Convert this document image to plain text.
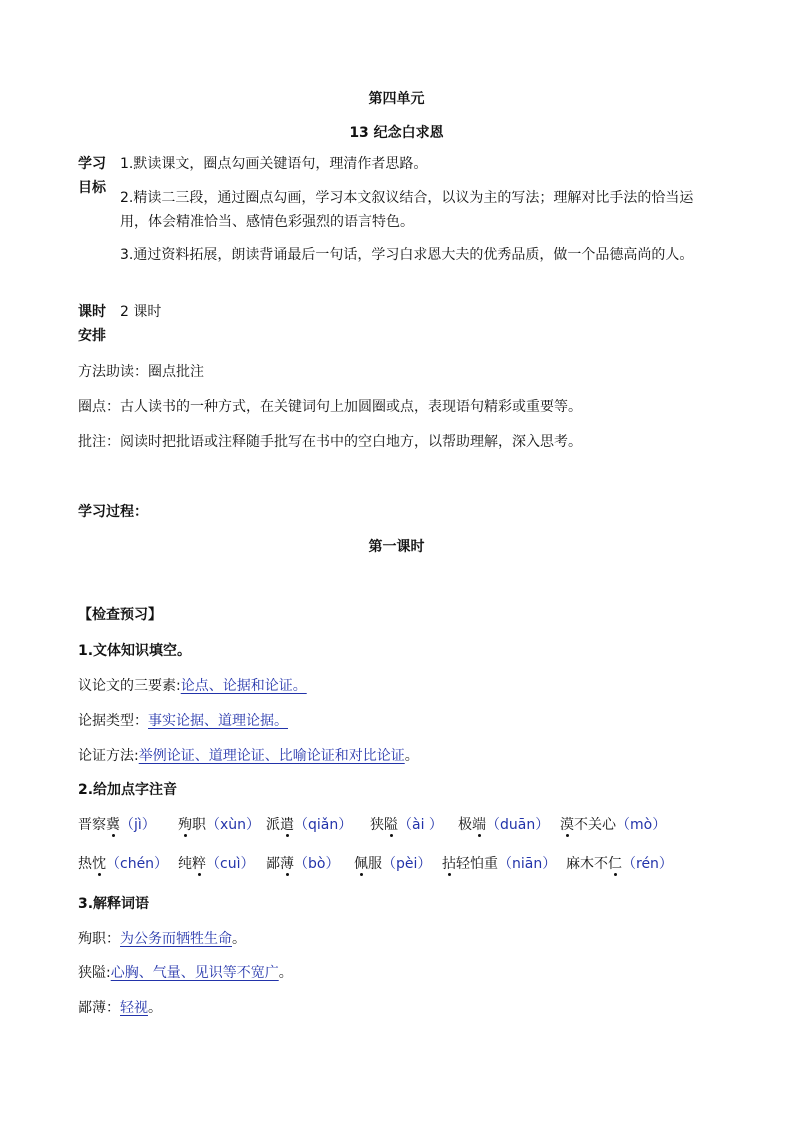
第四单元
13 纪念白求恩
学习
目标
1.默读课文，圈点勾画关键语句，理清作者思路。
2.精读二三段，通过圈点勾画，学习本文叙议结合，以议为主的写法；理解对比手法的恰当运用，体会精准恰当、感情色彩强烈的语言特色。
3.通过资料拓展，朗读背诵最后一句话，学习白求恩大夫的优秀品质，做一个品德高尚的人。
课时
安排
2 课时
方法助读：圈点批注
圈点：古人读书的一种方式，在关键词句上加圆圈或点，表现语句精彩或重要等。
批注：阅读时把批语或注释随手批写在书中的空白地方，以帮助理解，深入思考。
学习过程：
第一课时
【检查预习】
1.文体知识填空。
议论文的三要素:论点、论据和论证。
论据类型：事实论据、道理论据。
论证方法:举例论证、道理论证、比喻论证和对比论证。
2.给加点字注音
晋察冀（jì） 殉职（xùn） 派遣（qiǎn） 狭隘（ài ） 极端（duān） 漠不关心（mò）
热忱（chén） 纯粹（cuì） 鄙薄（bò） 佩服（pèi） 拈轻怕重（niān） 麻木不仁（rén）
3.解释词语
殉职：为公务而牺牲生命。
狭隘:心胸、气量、见识等不宽广。
鄙薄：轻视。
